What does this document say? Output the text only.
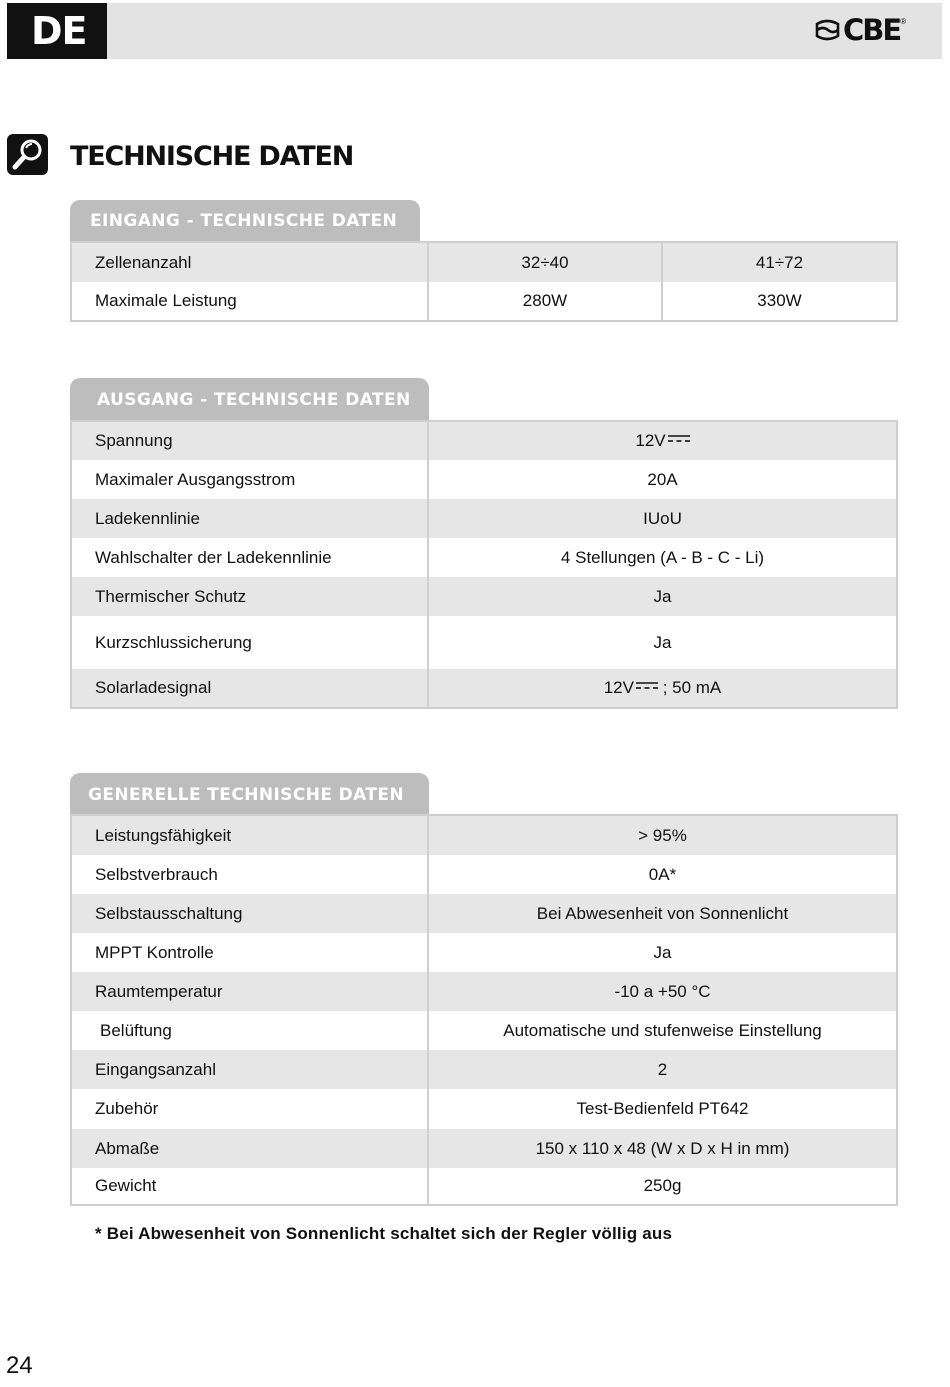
DE	CBE ®
TECHNISCHE DATEN
EINGANG - TECHNISCHE DATEN
Zellenanzahl	32÷40	41÷72
Maximale Leistung	280W	330W
AUSGANG - TECHNISCHE DATEN
Spannung	12V
Maximaler Ausgangsstrom	20A
Ladekennlinie	IUoU
Wahlschalter der Ladekennlinie	4 Stellungen (A - B - C - Li)
Thermischer Schutz	Ja
Kurzschlussicherung	Ja
Solarladesignal	12V ; 50 mA
GENERELLE TECHNISCHE DATEN
Leistungsfähigkeit	> 95%
Selbstverbrauch	0A*
Selbstausschaltung	Bei Abwesenheit von Sonnenlicht
MPPT Kontrolle	Ja
Raumtemperatur	-10 a +50 °C
Belüftung	Automatische und stufenweise Einstellung
Eingangsanzahl	2
Zubehör	Test-Bedienfeld PT642
Abmaße	150 x 110 x 48 (W x D x H in mm)
Gewicht	250g
* Bei Abwesenheit von Sonnenlicht schaltet sich der Regler völlig aus
24
